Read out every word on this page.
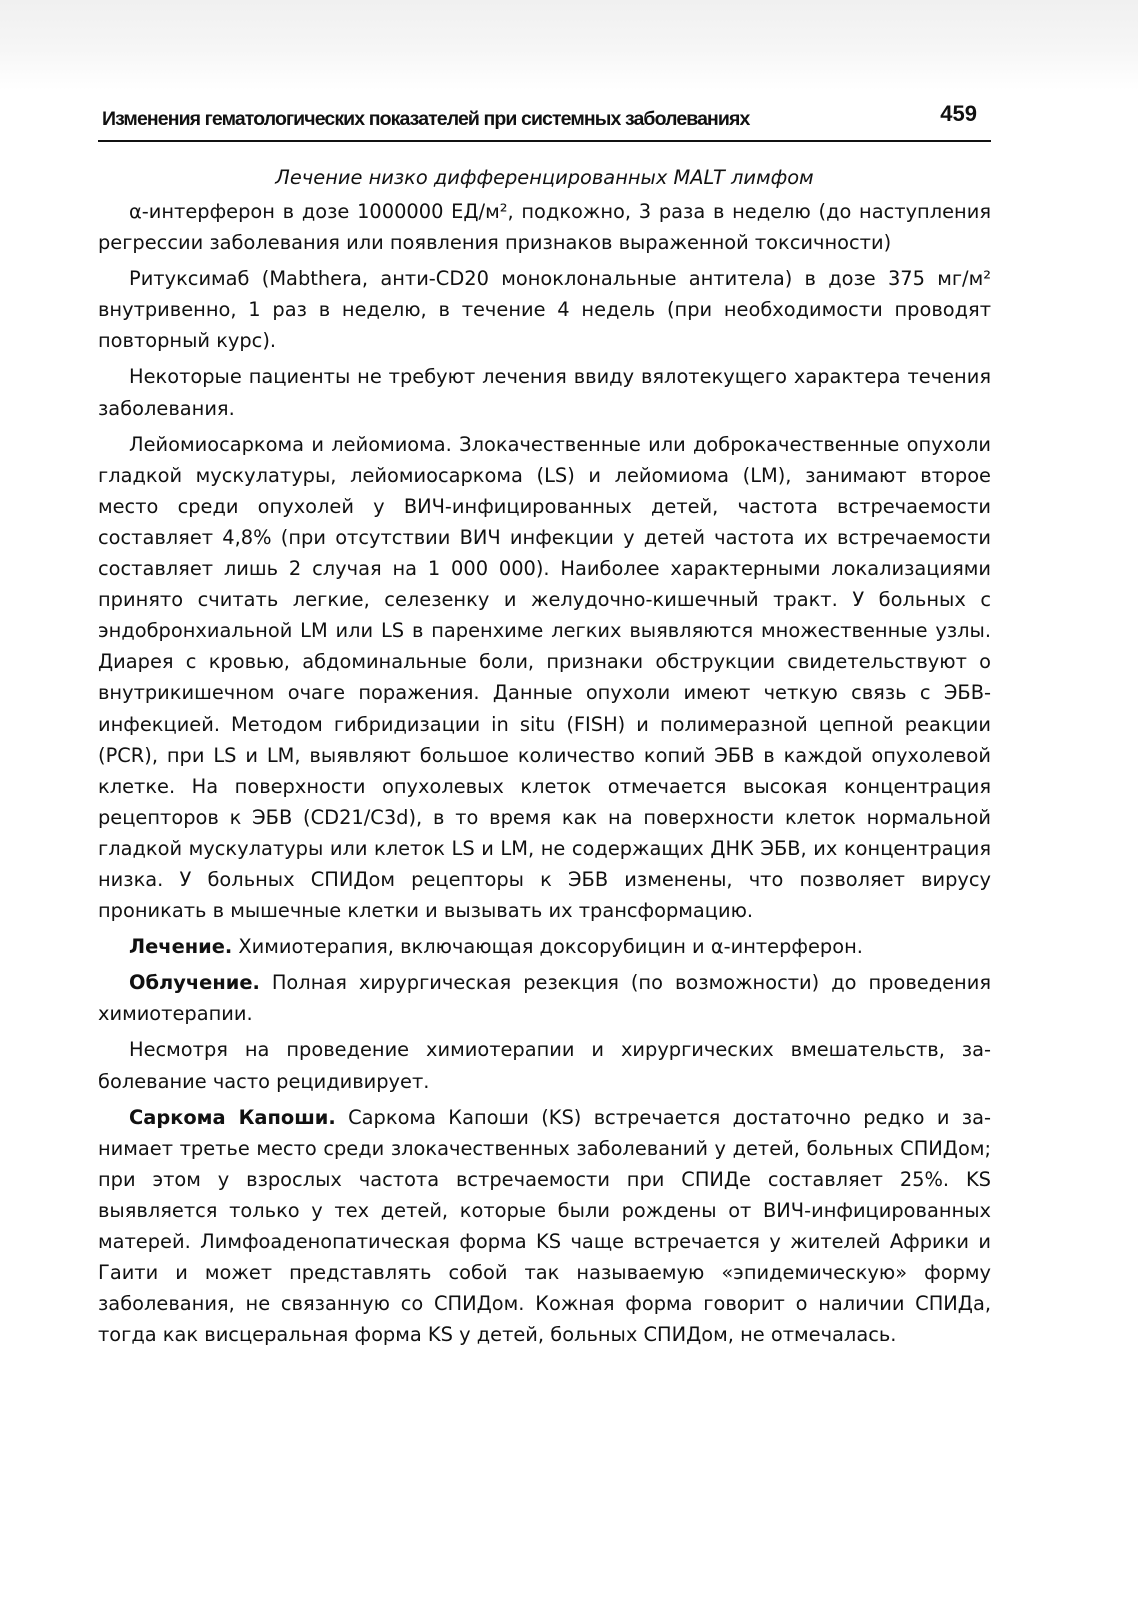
Изменения гематологических показателей при системных заболеваниях	459
Лечение низко дифференцированных MALT лимфом

α-интерферон в дозе 1000000 ЕД/м², подкожно, 3 раза в неделю (до наступления регрессии заболевания или появления признаков выраженной токсичности)

Ритуксимаб (Mabthera, анти-CD20 моноклональные антитела) в дозе 375 мг/м² внутривенно, 1 раз в неделю, в течение 4 недель (при необходимости проводят повторный курс).

Некоторые пациенты не требуют лечения ввиду вялотекущего характера течения заболевания.

Лейомиосаркома и лейомиома. Злокачественные или доброкачественные опухоли гладкой мускулатуры, лейомиосаркома (LS) и лейомиома (LM), занимают второе место среди опухолей у ВИЧ-инфицированных детей, частота встречаемости составляет 4,8% (при отсутствии ВИЧ инфекции у детей частота их встречаемости составляет лишь 2 случая на 1 000 000). Наиболее характерными локализациями принято считать легкие, селезенку и желудочно-кишечный тракт. У больных с эндобронхиальной LM или LS в паренхиме легких выявляются множественные узлы. Диарея с кровью, абдоминальные боли, признаки обструкции свидетельствуют о внутрикишечном очаге поражения. Данные опухоли имеют четкую связь с ЭБВ-инфекцией. Методом гибридизации in situ (FISH) и полимеразной цепной реакции (PCR), при LS и LM, выявляют большое количество копий ЭБВ в каждой опухолевой клетке. На поверхности опухолевых клеток отмечается высокая концентрация рецепторов к ЭБВ (CD21/C3d), в то время как на поверхности клеток нормальной гладкой мускулатуры или клеток LS и LM, не содержащих ДНК ЭБВ, их концентрация низка. У больных СПИДом рецепторы к ЭБВ изменены, что позволяет вирусу проникать в мышечные клетки и вызывать их трансформацию.

Лечение. Химиотерапия, включающая доксорубицин и α-интерферон.

Облучение. Полная хирургическая резекция (по возможности) до проведения химиотерапии.

Несмотря на проведение химиотерапии и хирургических вмешательств, заболевание часто рецидивирует.

Саркома Капоши. Саркома Капоши (KS) встречается достаточно редко и занимает третье место среди злокачественных заболеваний у детей, больных СПИДом; при этом у взрослых частота встречаемости при СПИДе составляет 25%. KS выявляется только у тех детей, которые были рождены от ВИЧ-инфицированных матерей. Лимфоаденопатическая форма KS чаще встречается у жителей Африки и Гаити и может представлять собой так называемую «эпидемическую» форму заболевания, не связанную со СПИДом. Кожная форма говорит о наличии СПИДа, тогда как висцеральная форма KS у детей, больных СПИДом, не отмечалась.
